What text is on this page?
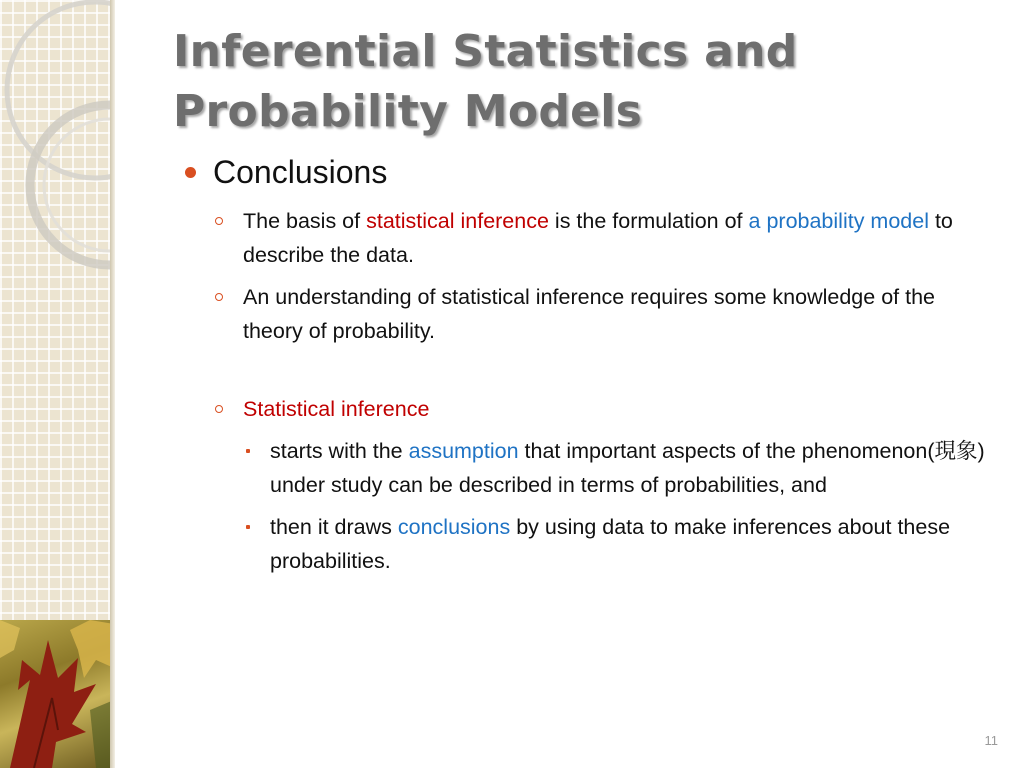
Inferential Statistics and Probability Models

Conclusions

The basis of statistical inference is the formulation of a probability model to describe the data.

An understanding of statistical inference requires some knowledge of the theory of probability.

Statistical inference

starts with the assumption that important aspects of the phenomenon(現象) under study can be described in terms of probabilities, and

then it draws conclusions by using data to make inferences about these probabilities.

11
